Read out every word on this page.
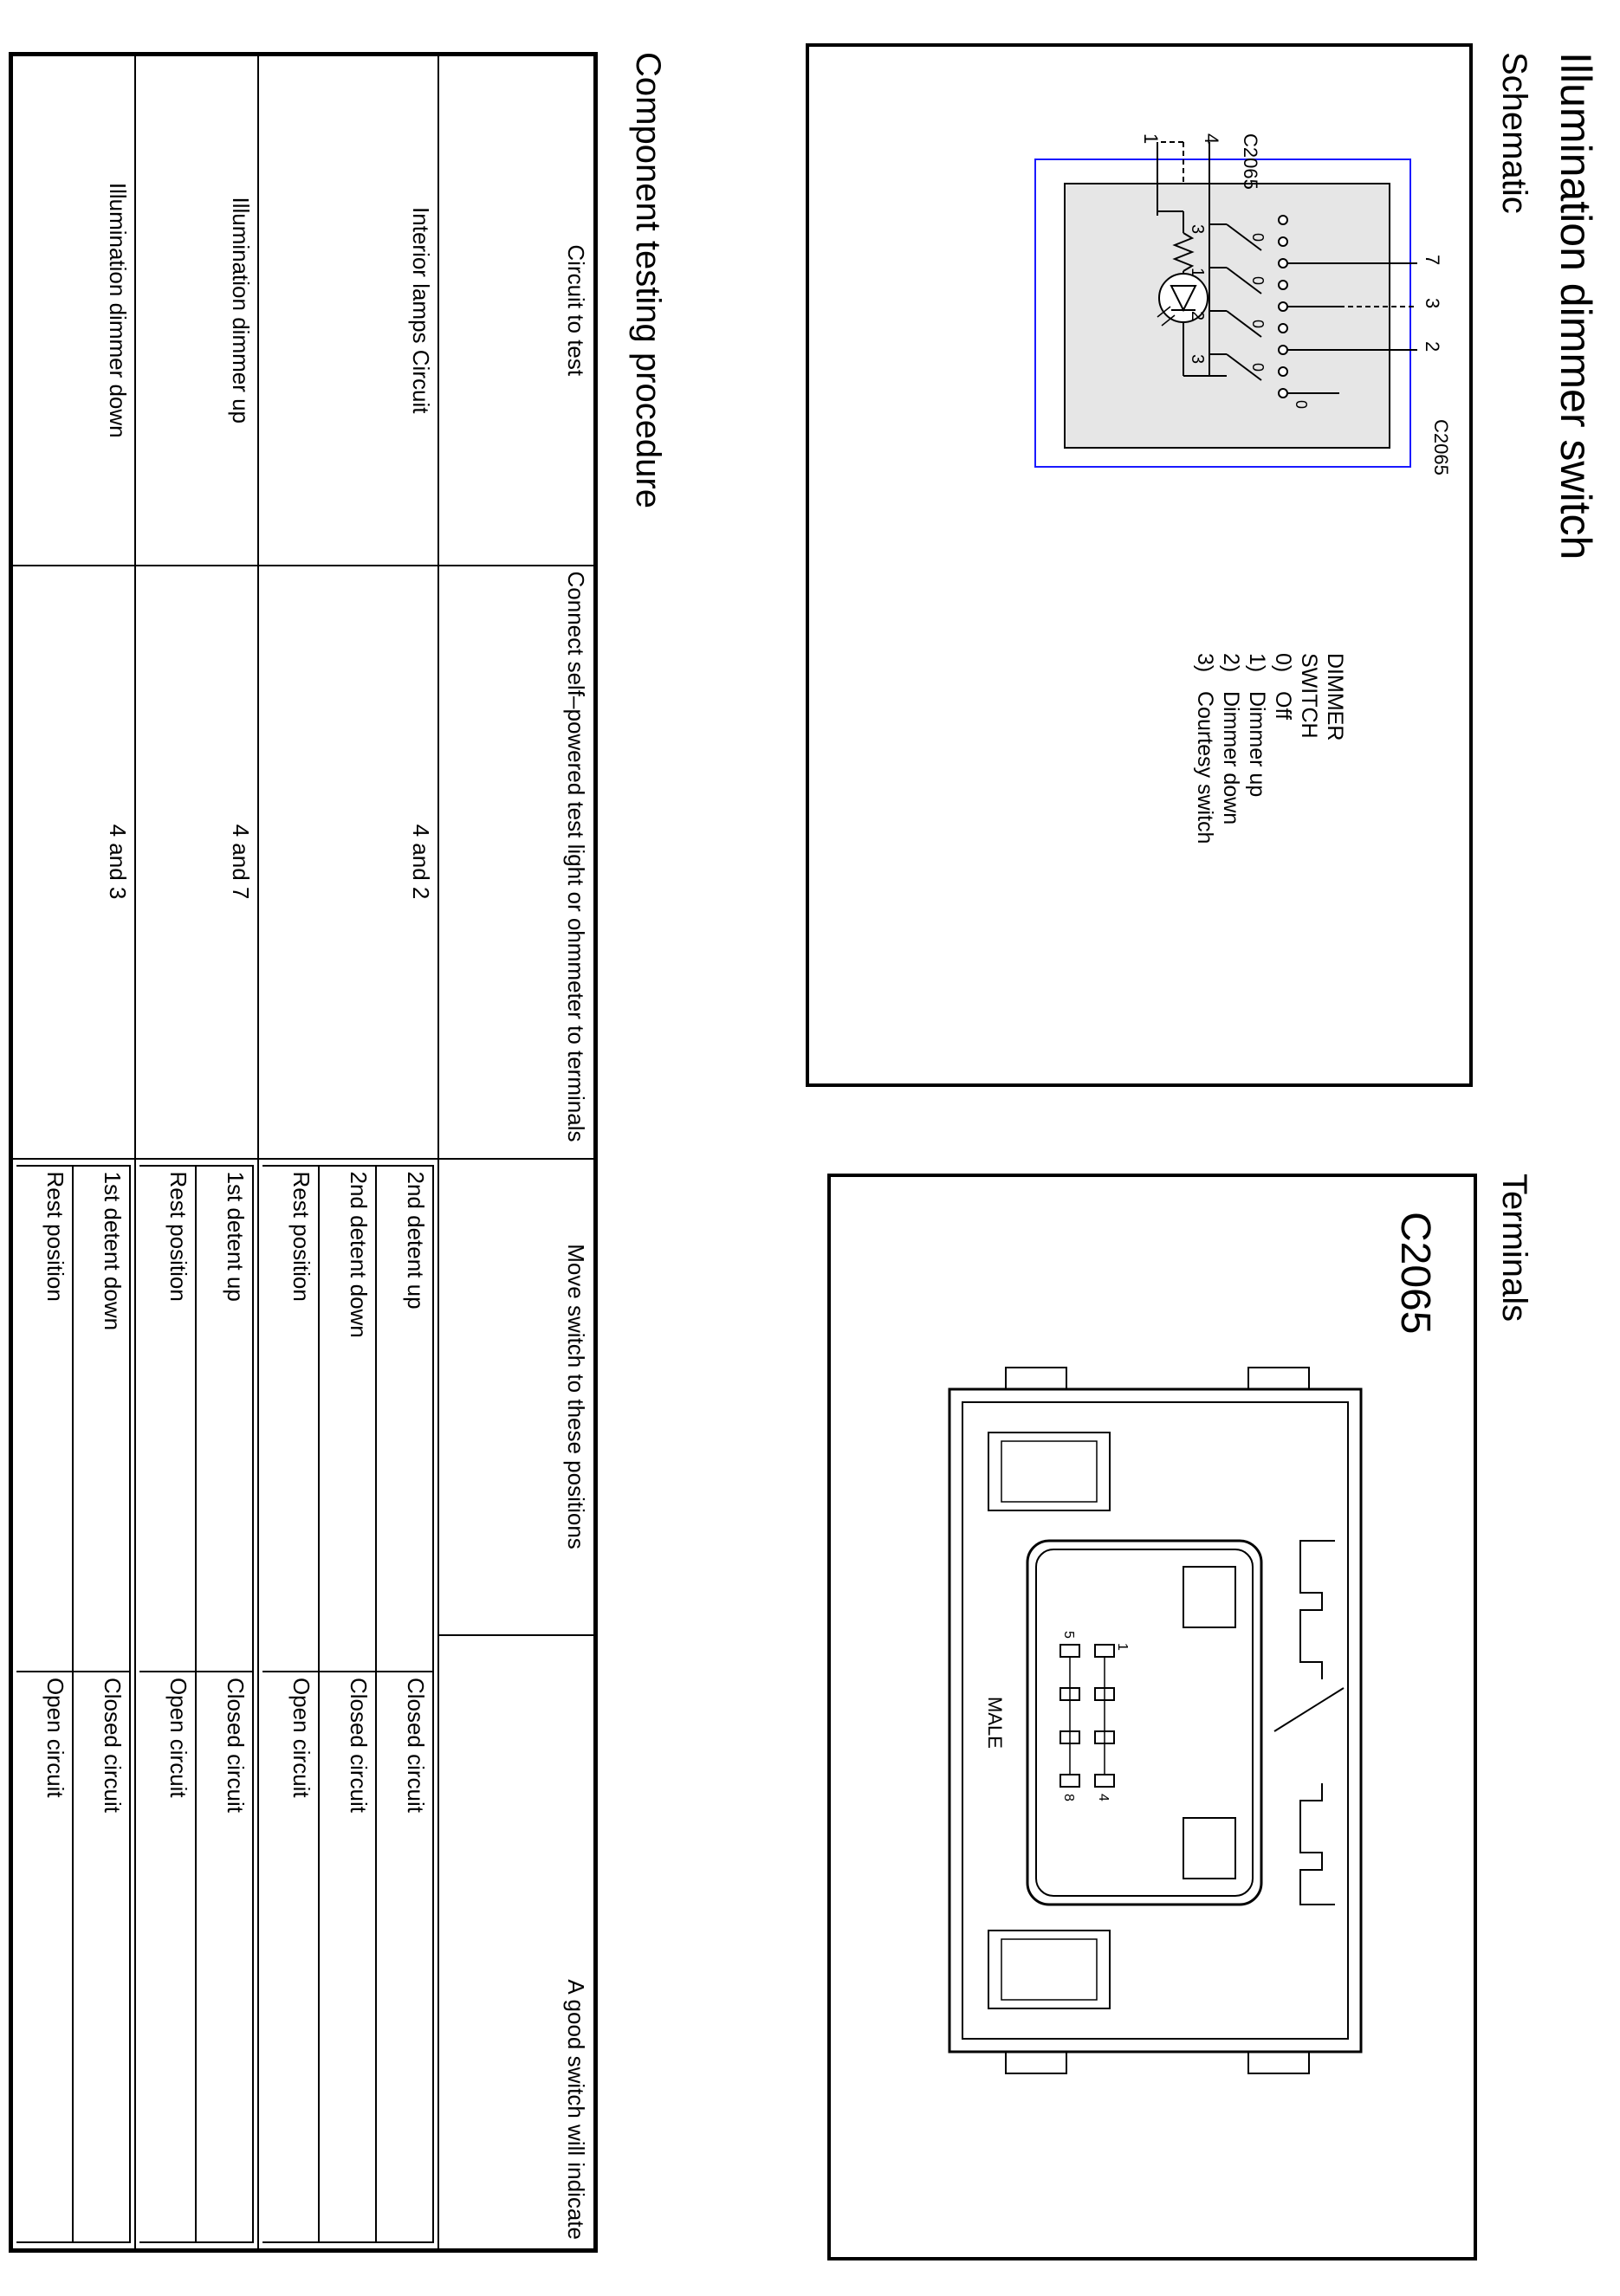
Illumination dimmer switch
Schematic
Terminals
1 4 C2065
3
1
2
3
0
0
0
0
0
7
3
2
C2065
DIMMER
SWITCH
0)
Off
1)
Dimmer up
2)
Dimmer down
3)
Courtesy switch
C2065
1
4
5
8
MALE
Component testing procedure
Circuit to test	Connect self–powered test light or ohmmeter to terminals	Move switch to these positions	A good switch will indicate
Interior lamps Circuit	4 and 2	
2nd detent up	Closed circuit
2nd detent down	Closed circuit
Rest position	Open circuit

Illumination dimmer up	4 and 7	
1st detent up	Closed circuit
Rest position	Open circuit

Illumination dimmer down	4 and 3	
1st detent down	Closed circuit
Rest position	Open circuit
